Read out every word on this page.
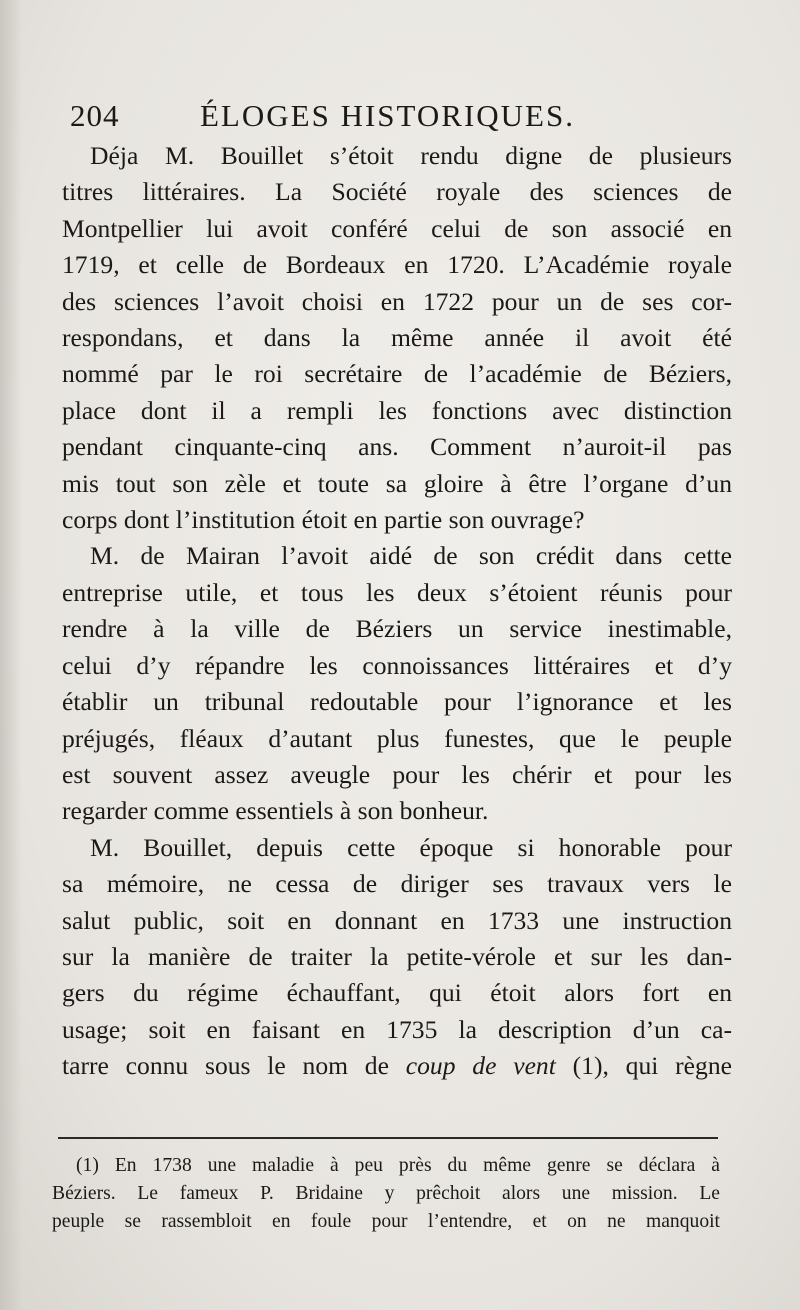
204	ÉLOGES HISTORIQUES.
Déja M. Bouillet s’étoit rendu digne de plusieurs
titres littéraires. La Société royale des sciences de
Montpellier lui avoit conféré celui de son associé en
1719, et celle de Bordeaux en 1720. L’Académie royale
des sciences l’avoit choisi en 1722 pour un de ses cor-
respondans, et dans la même année il avoit été
nommé par le roi secrétaire de l’académie de Béziers,
place dont il a rempli les fonctions avec distinction
pendant cinquante-cinq ans. Comment n’auroit-il pas
mis tout son zèle et toute sa gloire à être l’organe d’un
corps dont l’institution étoit en partie son ouvrage?
M. de Mairan l’avoit aidé de son crédit dans cette
entreprise utile, et tous les deux s’étoient réunis pour
rendre à la ville de Béziers un service inestimable,
celui d’y répandre les connoissances littéraires et d’y
établir un tribunal redoutable pour l’ignorance et les
préjugés, fléaux d’autant plus funestes, que le peuple
est souvent assez aveugle pour les chérir et pour les
regarder comme essentiels à son bonheur.
M. Bouillet, depuis cette époque si honorable pour
sa mémoire, ne cessa de diriger ses travaux vers le
salut public, soit en donnant en 1733 une instruction
sur la manière de traiter la petite-vérole et sur les dan-
gers du régime échauffant, qui étoit alors fort en
usage; soit en faisant en 1735 la description d’un ca-
tarre connu sous le nom de coup de vent (1), qui règne
(1) En 1738 une maladie à peu près du même genre se déclara à
Béziers. Le fameux P. Bridaine y prêchoit alors une mission. Le
peuple se rassembloit en foule pour l’entendre, et on ne manquoit
